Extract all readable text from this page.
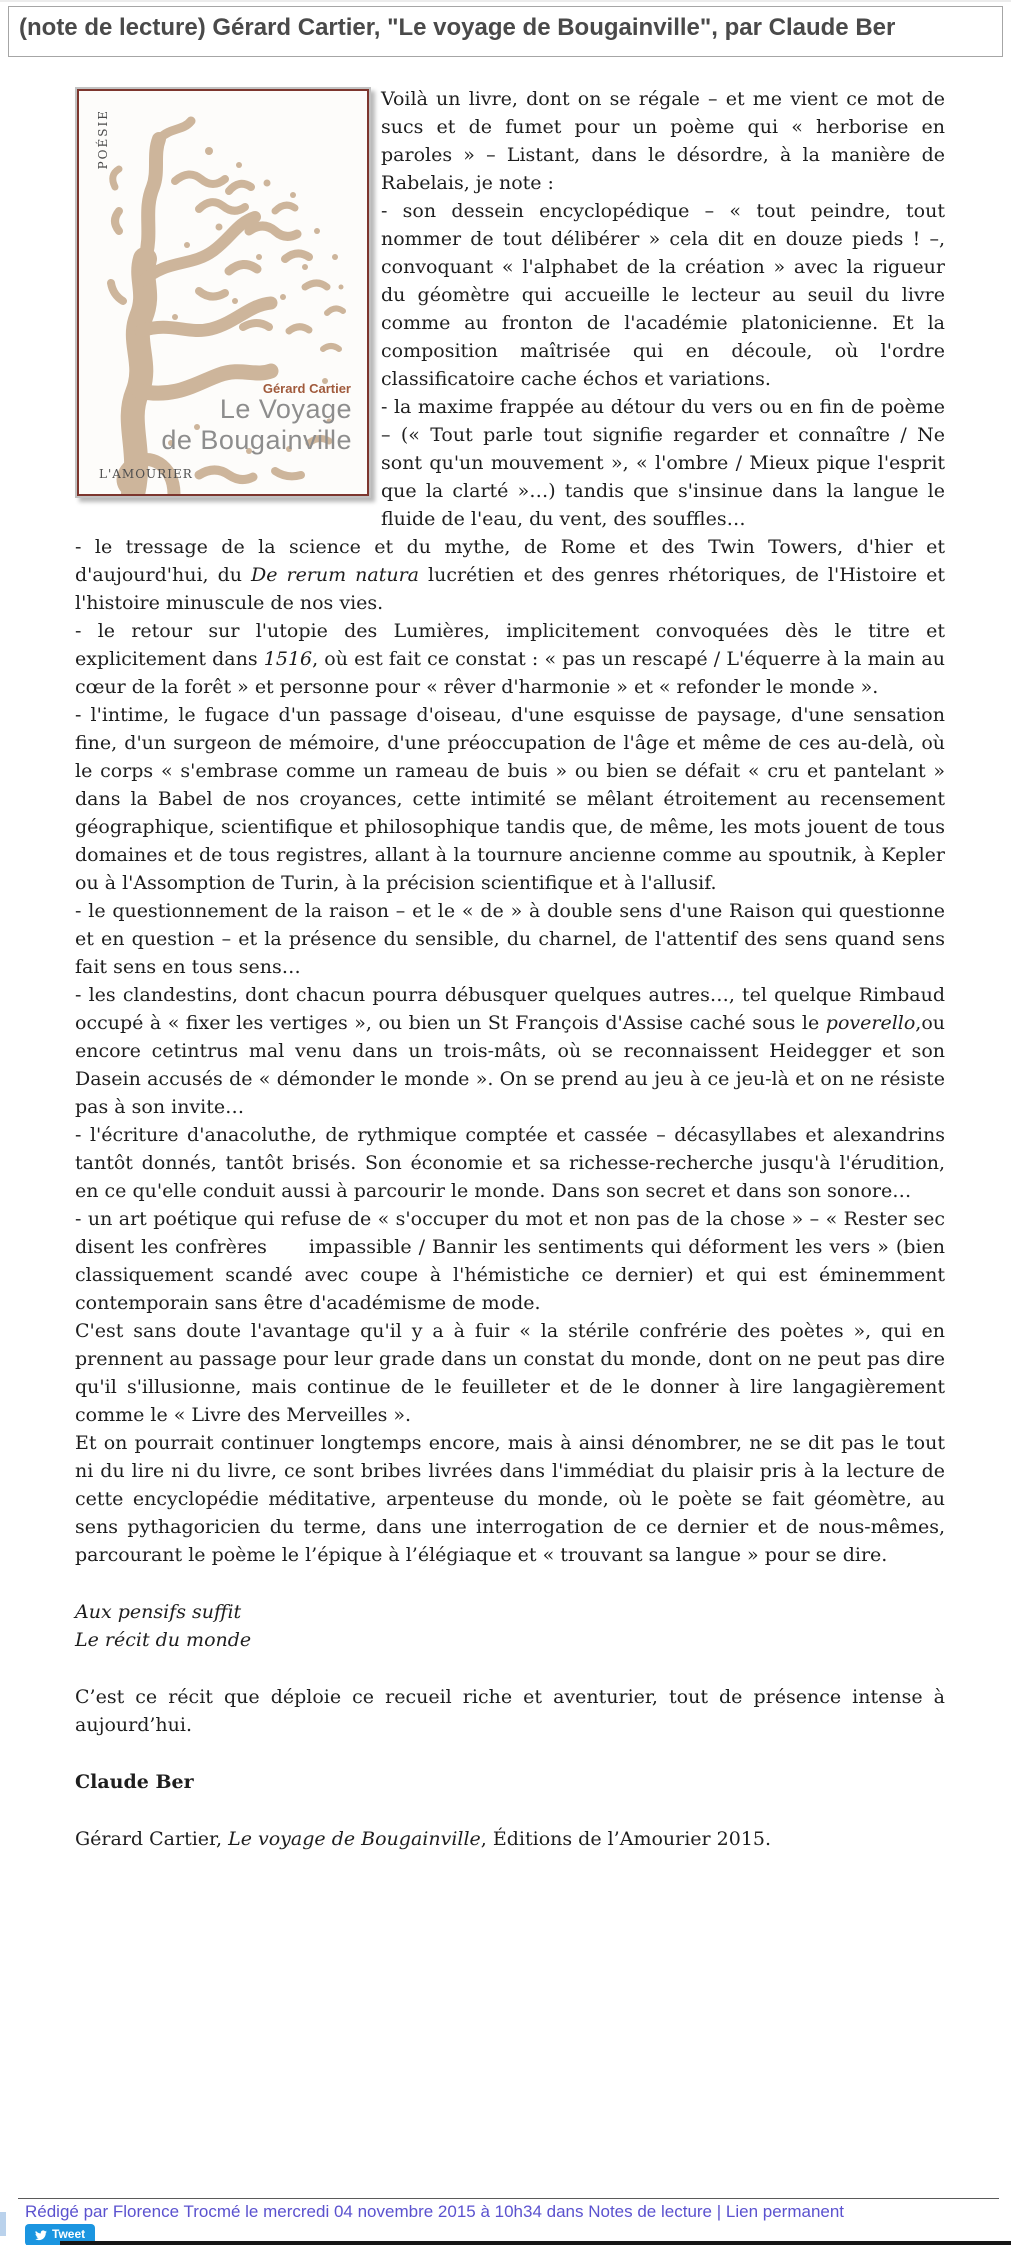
(note de lecture) Gérard Cartier, "Le voyage de Bougainville", par Claude Ber
POÉSIE
Gérard Cartier
Le Voyage
de Bougainville
L'AMOURIER

Voilà un livre, dont on se régale – et me vient ce mot de sucs et de fumet pour un poème qui « herborise en paroles » – Listant, dans le désordre, à la manière de Rabelais, je note :

- son dessein encyclopédique – « tout peindre, tout nommer de tout délibérer » cela dit en douze pieds ! –, convoquant « l'alphabet de la création » avec la rigueur du géomètre qui accueille le lecteur au seuil du livre comme au fronton de l'académie platonicienne. Et la composition maîtrisée qui en découle, où l'ordre classificatoire cache échos et variations.

- la maxime frappée au détour du vers ou en fin de poème – (« Tout parle tout signifie regarder et connaître / Ne sont qu'un mouvement », « l'ombre / Mieux pique l'esprit que la clarté »…) tandis que s'insinue dans la langue le fluide de l'eau, du vent, des souffles…

- le tressage de la science et du mythe, de Rome et des Twin Towers, d'hier et d'aujourd'hui, du De rerum natura lucrétien et des genres rhétoriques, de l'Histoire et l'histoire minuscule de nos vies.

- le retour sur l'utopie des Lumières, implicitement convoquées dès le titre et explicitement dans 1516, où est fait ce constat : « pas un rescapé / L'équerre à la main au cœur de la forêt » et personne pour « rêver d'harmonie » et « refonder le monde ».

- l'intime, le fugace d'un passage d'oiseau, d'une esquisse de paysage, d'une sensation fine, d'un surgeon de mémoire, d'une préoccupation de l'âge et même de ces au-delà, où le corps « s'embrase comme un rameau de buis » ou bien se défait « cru et pantelant » dans la Babel de nos croyances, cette intimité se mêlant étroitement au recensement géographique, scientifique et philosophique tandis que, de même, les mots jouent de tous domaines et de tous registres, allant à la tournure ancienne comme au spoutnik, à Kepler ou à l'Assomption de Turin, à la précision scientifique et à l'allusif.

- le questionnement de la raison – et le « de » à double sens d'une Raison qui questionne et en question – et la présence du sensible, du charnel, de l'attentif des sens quand sens fait sens en tous sens…

- les clandestins, dont chacun pourra débusquer quelques autres…, tel quelque Rimbaud occupé à « fixer les vertiges », ou bien un St François d'Assise caché sous le poverello,ou encore cetintrus mal venu dans un trois-mâts, où se reconnaissent Heidegger et son Dasein accusés de « démonder le monde ». On se prend au jeu à ce jeu-là et on ne résiste pas à son invite…

- l'écriture d'anacoluthe, de rythmique comptée et cassée – décasyllabes et alexandrins tantôt donnés, tantôt brisés. Son économie et sa richesse-recherche jusqu'à l'érudition, en ce qu'elle conduit aussi à parcourir le monde. Dans son secret et dans son sonore…

- un art poétique qui refuse de « s'occuper du mot et non pas de la chose » – « Rester sec disent les confrères      impassible / Bannir les sentiments qui déforment les vers » (bien classiquement scandé avec coupe à l'hémistiche ce dernier) et qui est éminemment contemporain sans être d'académisme de mode.

C'est sans doute l'avantage qu'il y a à fuir « la stérile confrérie des poètes », qui en prennent au passage pour leur grade dans un constat du monde, dont on ne peut pas dire qu'il s'illusionne, mais continue de le feuilleter et de le donner à lire langagièrement comme le « Livre des Merveilles ».

Et on pourrait continuer longtemps encore, mais à ainsi dénombrer, ne se dit pas le tout ni du lire ni du livre, ce sont bribes livrées dans l'immédiat du plaisir pris à la lecture de cette encyclopédie méditative, arpenteuse du monde, où le poète se fait géomètre, au sens pythagoricien du terme, dans une interrogation de ce dernier et de nous-mêmes, parcourant le poème le l’épique à l’élégiaque et « trouvant sa langue » pour se dire.

Aux pensifs suffit
Le récit du monde

C’est ce récit que déploie ce recueil riche et aventurier, tout de présence intense à aujourd’hui.

Claude Ber

Gérard Cartier, Le voyage de Bougainville, Éditions de l’Amourier 2015.

Rédigé par Florence Trocmé le mercredi 04 novembre 2015 à 10h34 dans Notes de lecture | Lien permanent
Tweet
